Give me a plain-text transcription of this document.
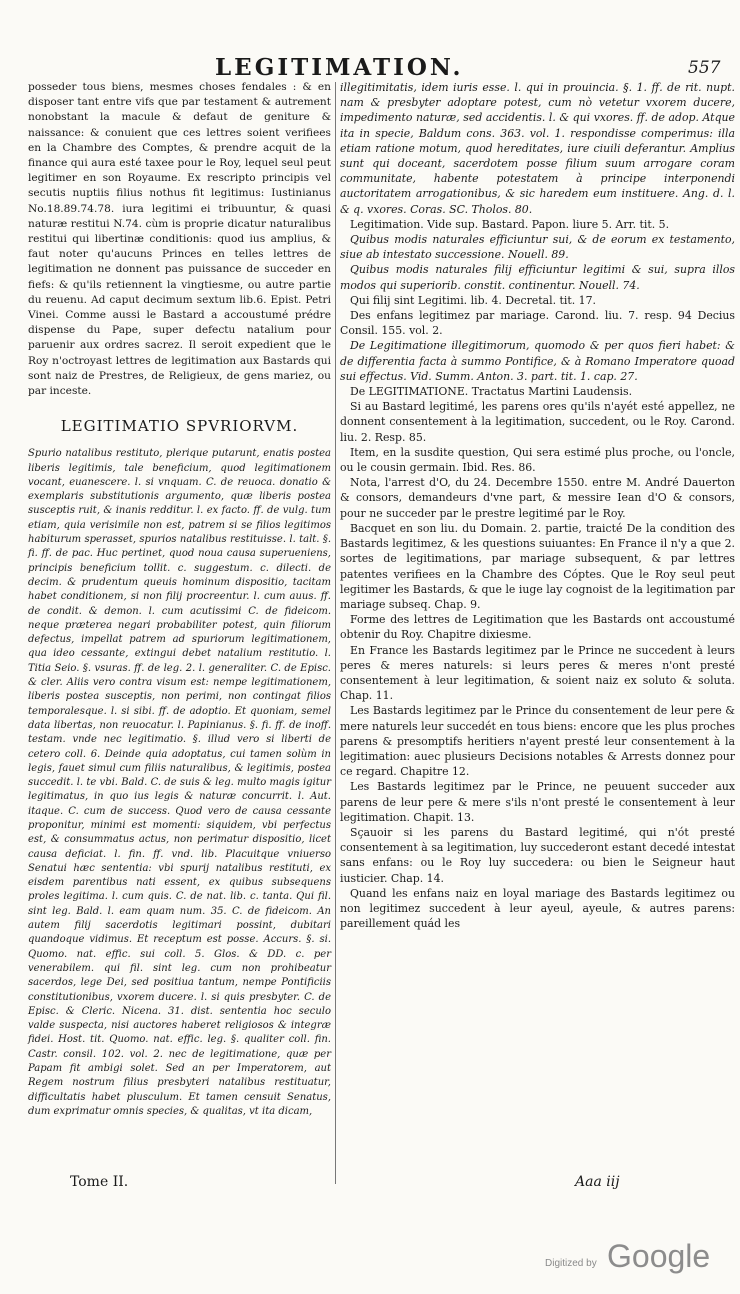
LEGITIMATION.	557

posseder tous biens, mesmes choses fendales : & en disposer tant entre vifs que par testament & autrement nonobstant la macule & defaut de geniture & naissance: & conuient que ces lettres soient verifiees en la Chambre des Comptes, & prendre acquit de la finance qui aura esté taxee pour le Roy, lequel seul peut legitimer en son Royaume. Ex rescripto principis vel secutis nuptiis filius nothus fit legitimus: Iustinianus No.18.89.74.78. iura legitimi ei tribuuntur, & quasi naturæ restitui N.74. cùm is proprie dicatur naturalibus restitui qui libertinæ conditionis: quod ius amplius, & faut noter qu'aucuns Princes en telles lettres de legitimation ne donnent pas puissance de succeder en fiefs: & qu'ils retiennent la vingtiesme, ou autre partie du reuenu. Ad caput decimum sextum lib.6. Epist. Petri Vinei. Comme aussi le Bastard a accoustumé prédre dispense du Pape, super defectu natalium pour paruenir aux ordres sacrez. Il seroit expedient que le Roy n'octroyast lettres de legitimation aux Bastards qui sont naiz de Prestres, de Religieux, de gens mariez, ou par inceste.

LEGITIMATIO SPVRIORVM.

Spurio natalibus restituto, plerique putarunt, enatis postea liberis legitimis, tale beneficium, quod legitimationem vocant, euanescere. l. si vnquam. C. de reuoca. donatio & exemplaris substitutionis argumento, quæ liberis postea susceptis ruit, & inanis redditur. l. ex facto. ff. de vulg. tum etiam, quia verisimile non est, patrem si se filios legitimos habiturum sperasset, spurios natalibus restituisse. l. talt. §. fi. ff. de pac. Huc pertinet, quod noua causa superueniens, principis beneficium tollit. c. suggestum. c. dilecti. de decim. & prudentum queuis hominum dispositio, tacitam habet conditionem, si non filij procreentur. l. cum auus. ff. de condit. & demon. l. cum acutissimi C. de fideicom. neque præterea negari probabiliter potest, quin filiorum defectus, impellat patrem ad spuriorum legitimationem, qua ideo cessante, extingui debet natalium restitutio. l. Titia Seio. §. vsuras. ff. de leg. 2. l. generaliter. C. de Episc. & cler. Aliis vero contra visum est: nempe legitimationem, liberis postea susceptis, non perimi, non contingat filios temporalesque. l. si sibi. ff. de adoptio. Et quoniam, semel data libertas, non reuocatur. l. Papinianus. §. fi. ff. de inoff. testam. vnde nec legitimatio. §. illud vero si liberti de cetero coll. 6. Deinde quia adoptatus, cui tamen solùm in legis, fauet simul cum filiis naturalibus, & legitimis, postea succedit. l. te vbi. Bald. C. de suis & leg. multo magis igitur legitimatus, in quo ius legis & naturæ concurrit. l. Aut. itaque. C. cum de success. Quod vero de causa cessante proponitur, minimi est momenti: siquidem, vbi perfectus est, & consummatus actus, non perimatur dispositio, licet causa deficiat. l. fin. ff. vnd. lib. Placuitque vniuerso Senatui hæc sententia: vbi spurij natalibus restituti, ex eisdem parentibus nati essent, ex quibus subsequens proles legitima. l. cum quis. C. de nat. lib. c. tanta. Qui fil. sint leg. Bald. l. eam quam num. 35. C. de fideicom. An autem filij sacerdotis legitimari possint, dubitari quandoque vidimus. Et receptum est posse. Accurs. §. si. Quomo. nat. effic. sui coll. 5. Glos. & DD. c. per venerabilem. qui fil. sint leg. cum non prohibeatur sacerdos, lege Dei, sed positiua tantum, nempe Pontificiis constitutionibus, vxorem ducere. l. si quis presbyter. C. de Episc. & Cleric. Nicena. 31. dist. sententia hoc seculo valde suspecta, nisi auctores haberet religiosos & integræ fidei. Host. tit. Quomo. nat. effic. leg. §. qualiter coll. fin. Castr. consil. 102. vol. 2. nec de legitimatione, quæ per Papam fit ambigi solet. Sed an per Imperatorem, aut Regem nostrum filius presbyteri natalibus restituatur, difficultatis habet plusculum. Et tamen censuit Senatus, dum exprimatur omnis species, & qualitas, vt ita dicam,

illegitimitatis, idem iuris esse. l. qui in prouincia. §. 1. ff. de rit. nupt. nam & presbyter adoptare potest, cum nò vetetur vxorem ducere, impedimento naturæ, sed accidentis. l. & qui vxores. ff. de adop. Atque ita in specie, Baldum cons. 363. vol. 1. respondisse comperimus: illa etiam ratione motum, quod hereditates, iure ciuili deferantur. Amplius sunt qui doceant, sacerdotem posse filium suum arrogare coram communitate, habente potestatem à principe interponendi auctoritatem arrogationibus, & sic haredem eum instituere. Ang. d. l. & q. vxores. Coras. SC. Tholos. 80.

Legitimation. Vide sup. Bastard. Papon. liure 5. Arr. tit. 5.

Quibus modis naturales efficiuntur sui, & de eorum ex testamento, siue ab intestato successione. Nouell. 89.

Quibus modis naturales filij efficiuntur legitimi & sui, supra illos modos qui superiorib. constit. continentur. Nouell. 74.

Qui filij sint Legitimi. lib. 4. Decretal. tit. 17.

Des enfans legitimez par mariage. Carond. liu. 7. resp. 94 Decius Consil. 155. vol. 2.

De Legitimatione illegitimorum, quomodo & per quos fieri habet: & de differentia facta à summo Pontifice, & à Romano Imperatore quoad sui effectus. Vid. Summ. Anton. 3. part. tit. 1. cap. 27.

De LEGITIMATIONE. Tractatus Martini Laudensis.

Si au Bastard legitimé, les parens ores qu'ils n'ayét esté appellez, ne donnent consentement à la legitimation, succedent, ou le Roy. Carond. liu. 2. Resp. 85.

Item, en la susdite question, Qui sera estimé plus proche, ou l'oncle, ou le cousin germain. Ibid. Res. 86.

Nota, l'arrest d'O, du 24. Decembre 1550. entre M. André Dauerton & consors, demandeurs d'vne part, & messire Iean d'O & consors, pour ne succeder par le prestre legitimé par le Roy.

Bacquet en son liu. du Domain. 2. partie, traicté De la condition des Bastards legitimez, & les questions suiuantes: En France il n'y a que 2. sortes de legitimations, par mariage subsequent, & par lettres patentes verifiees en la Chambre des Cóptes. Que le Roy seul peut legitimer les Bastards, & que le iuge lay cognoist de la legitimation par mariage subseq. Chap. 9.

Forme des lettres de Legitimation que les Bastards ont accoustumé obtenir du Roy. Chapitre dixiesme.

En France les Bastards legitimez par le Prince ne succedent à leurs peres & meres naturels: si leurs peres & meres n'ont presté consentement à leur legitimation, & soient naiz ex soluto & soluta. Chap. 11.

Les Bastards legitimez par le Prince du consentement de leur pere & mere naturels leur succedét en tous biens: encore que les plus proches parens & presomptifs heritiers n'ayent presté leur consentement à la legitimation: auec plusieurs Decisions notables & Arrests donnez pour ce regard. Chapitre 12.

Les Bastards legitimez par le Prince, ne peuuent succeder aux parens de leur pere & mere s'ils n'ont presté le consentement à leur legitimation. Chapit. 13.

Sçauoir si les parens du Bastard legitimé, qui n'ót presté consentement à sa legitimation, luy succederont estant decedé intestat sans enfans: ou le Roy luy succedera: ou bien le Seigneur haut iusticier. Chap. 14.

Quand les enfans naiz en loyal mariage des Bastards legitimez ou non legitimez succedent à leur ayeul, ayeule, & autres parens: pareillement quád les

Tome II.	Aaa iij
Digitized by Google
